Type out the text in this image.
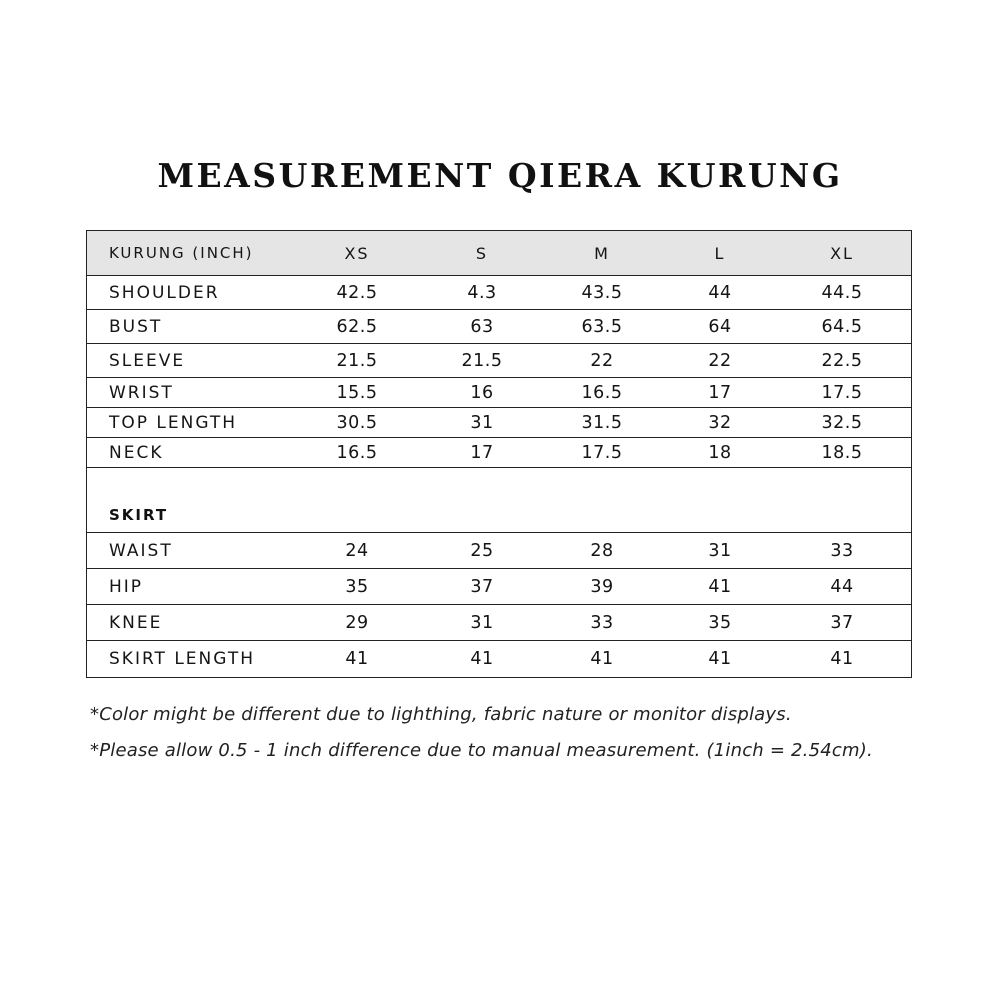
MEASUREMENT QIERA KURUNG
KURUNG (INCH)	XS	S	M	L	XL
SHOULDER	42.5	4.3	43.5	44	44.5
BUST	62.5	63	63.5	64	64.5
SLEEVE	21.5	21.5	22	22	22.5
WRIST	15.5	16	16.5	17	17.5
TOP LENGTH	30.5	31	31.5	32	32.5
NECK	16.5	17	17.5	18	18.5
SKIRT
WAIST	24	25	28	31	33
HIP	35	37	39	41	44
KNEE	29	31	33	35	37
SKIRT LENGTH	41	41	41	41	41
*Color might be different due to lighthing, fabric nature or monitor displays.
*Please allow 0.5 - 1 inch difference due to manual measurement. (1inch = 2.54cm).
